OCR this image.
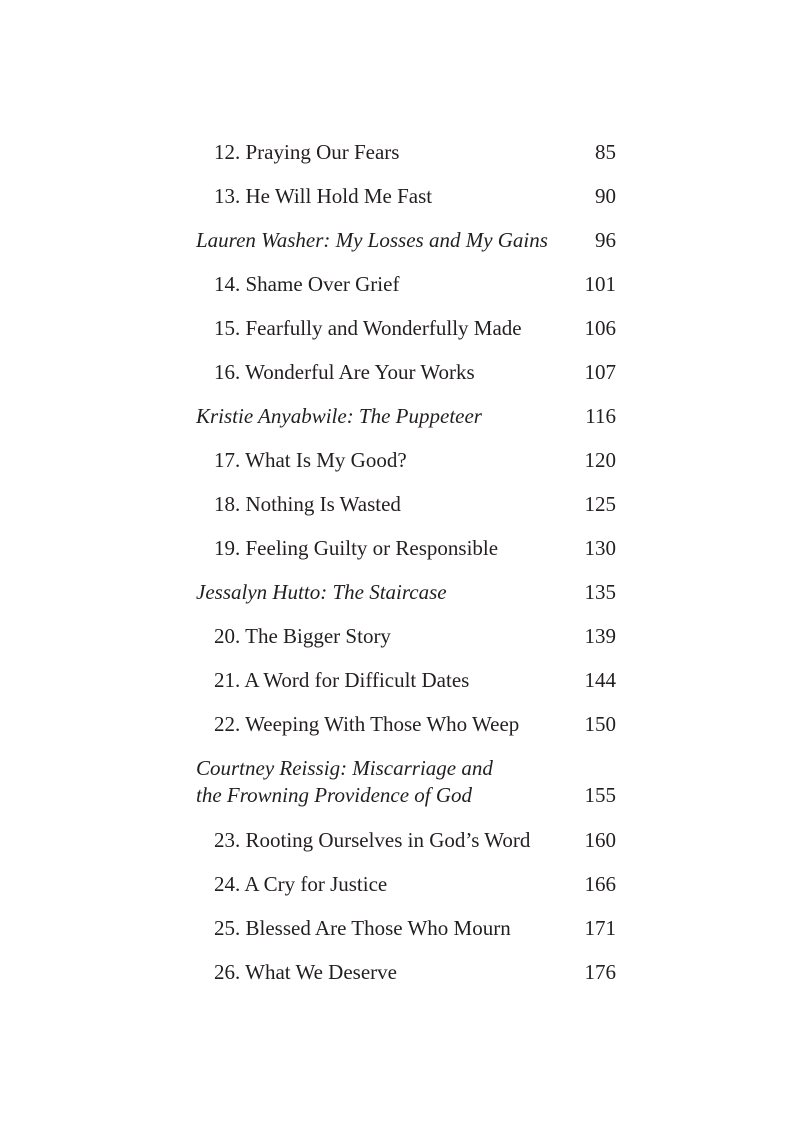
12. Praying Our Fears	85
13. He Will Hold Me Fast	90
Lauren Washer: My Losses and My Gains 96
14. Shame Over Grief	101
15. Fearfully and Wonderfully Made	106
16. Wonderful Are Your Works	107
Kristie Anyabwile: The Puppeteer	116
17. What Is My Good?	120
18. Nothing Is Wasted	125
19. Feeling Guilty or Responsible	130
Jessalyn Hutto: The Staircase	135
20. The Bigger Story	139
21. A Word for Difficult Dates	144
22. Weeping With Those Who Weep	150
Courtney Reissig: Miscarriage and
the Frowning Providence of God	155
23. Rooting Ourselves in God’s Word	160
24. A Cry for Justice	166
25. Blessed Are Those Who Mourn	171
26. What We Deserve	176
